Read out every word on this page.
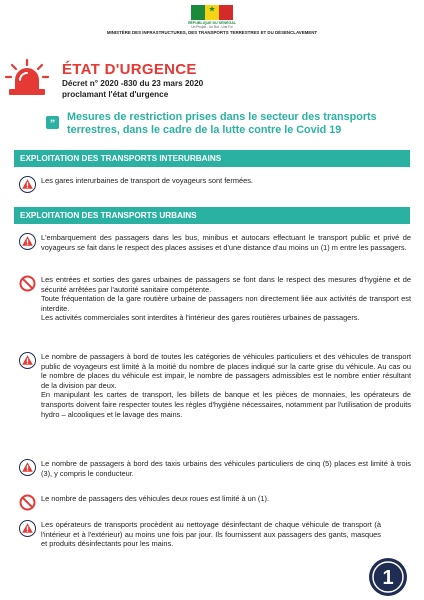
★
RÉPUBLIQUE DU SÉNÉGAL
Un Peuple - Un But - Une Foi
MINISTÈRE DES INFRASTRUCTURES, DES TRANSPORTS TERRESTRES ET DU DÉSENCLAVEMENT
ÉTAT D'URGENCE
Décret n° 2020 -830 du 23 mars 2020
proclamant l'état d'urgence
”
Mesures de restriction prises dans le secteur des transports terrestres, dans le cadre de la lutte contre le Covid 19
EXPLOITATION DES TRANSPORTS INTERURBAINS

Les gares interurbaines de transport de voyageurs sont fermées.

EXPLOITATION DES TRANSPORTS URBAINS

L'embarquement des passagers dans les bus, minibus et autocars effectuant le transport public et privé de voyageurs se fait dans le respect des places assises et d'une distance d'au moins un (1) m entre les passagers.

Les entrées et sorties des gares urbaines de passagers se font dans le respect des mesures d'hygiène et de sécurité arrêtées par l'autorité sanitaire compétente.

Toute fréquentation de la gare routière urbaine de passagers non directement liée aux activités de transport est interdite.

Les activités commerciales sont interdites à l'intérieur des gares routières urbaines de passagers.

Le nombre de passagers à bord de toutes les catégories de véhicules particuliers et des véhicules de transport public de voyageurs est limité à la moitié du nombre de places indiqué sur la carte grise du véhicule. Au cas ou le nombre de places du véhicule est impair, le nombre de passagers admissibles est le nombre entier résultant de la division par deux.

En manipulant les cartes de transport, les billets de banque et les pièces de monnaies, les opérateurs de transports doivent faire respecter toutes les règles d'hygiène nécessaires, notamment par l'utilisation de produits hydro – alcooliques et le lavage des mains.

Le nombre de passagers à bord des taxis urbains des véhicules particuliers de cinq (5) places est limité à trois (3), y compris le conducteur.

Le nombre de passagers des véhicules deux roues est limité à un (1).

Les opérateurs de transports procèdent au nettoyage désinfectant de chaque véhicule de transport (à l'intérieur et à l'extérieur) au moins une fois par jour. Ils fournissent aux passagers des gants, masques et produits désinfectants pour les mains.

1
